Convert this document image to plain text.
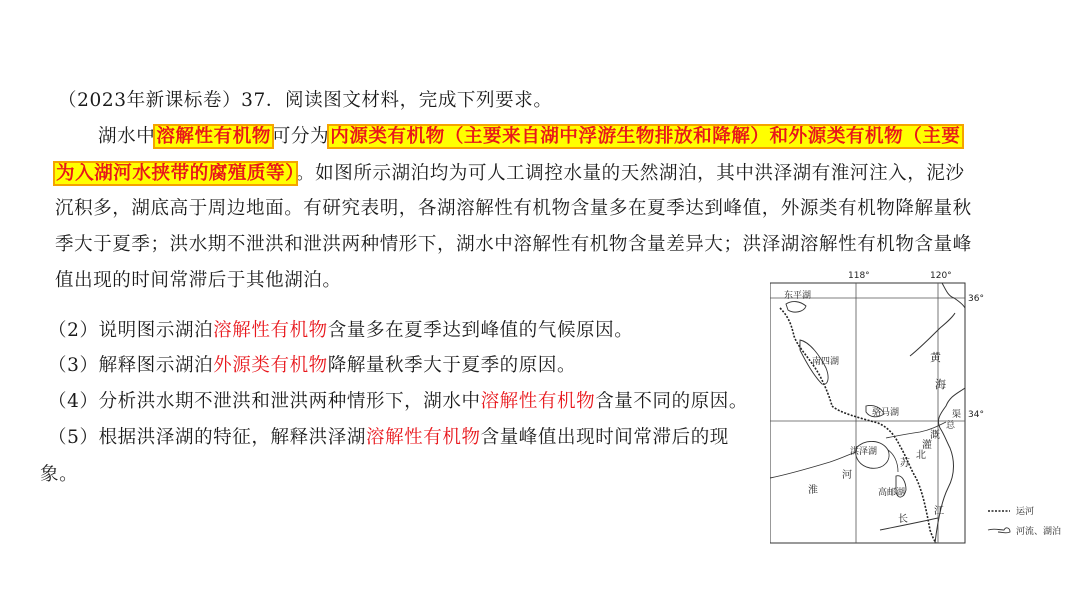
（2023年新课标卷）37．阅读图文材料，完成下列要求。
湖水中溶解性有机物可分为内源类有机物（主要来自湖中浮游生物排放和降解）和外源类有机物（主要
为入湖河水挟带的腐殖质等）。如图所示湖泊均为可人工调控水量的天然湖泊，其中洪泽湖有淮河注入，泥沙
沉积多，湖底高于周边地面。有研究表明，各湖溶解性有机物含量多在夏季达到峰值，外源类有机物降解量秋
季大于夏季；洪水期不泄洪和泄洪两种情形下，湖水中溶解性有机物含量差异大；洪泽湖溶解性有机物含量峰
值出现的时间常滞后于其他湖泊。
（2）说明图示湖泊溶解性有机物含量多在夏季达到峰值的气候原因。
（3）解释图示湖泊外源类有机物降解量秋季大于夏季的原因。
（4）分析洪水期不泄洪和泄洪两种情形下，湖水中溶解性有机物含量不同的原因。
（5）根据洪泽湖的特征，解释洪泽湖溶解性有机物含量峰值出现时间常滞后的现
象。
118°	120°
36°
34°
东平湖
南四湖
骆马湖
洪泽湖
高邮湖
黄
海
淮
河
长
江
苏
北
灌
溉
总
渠
运河
河流、湖泊
